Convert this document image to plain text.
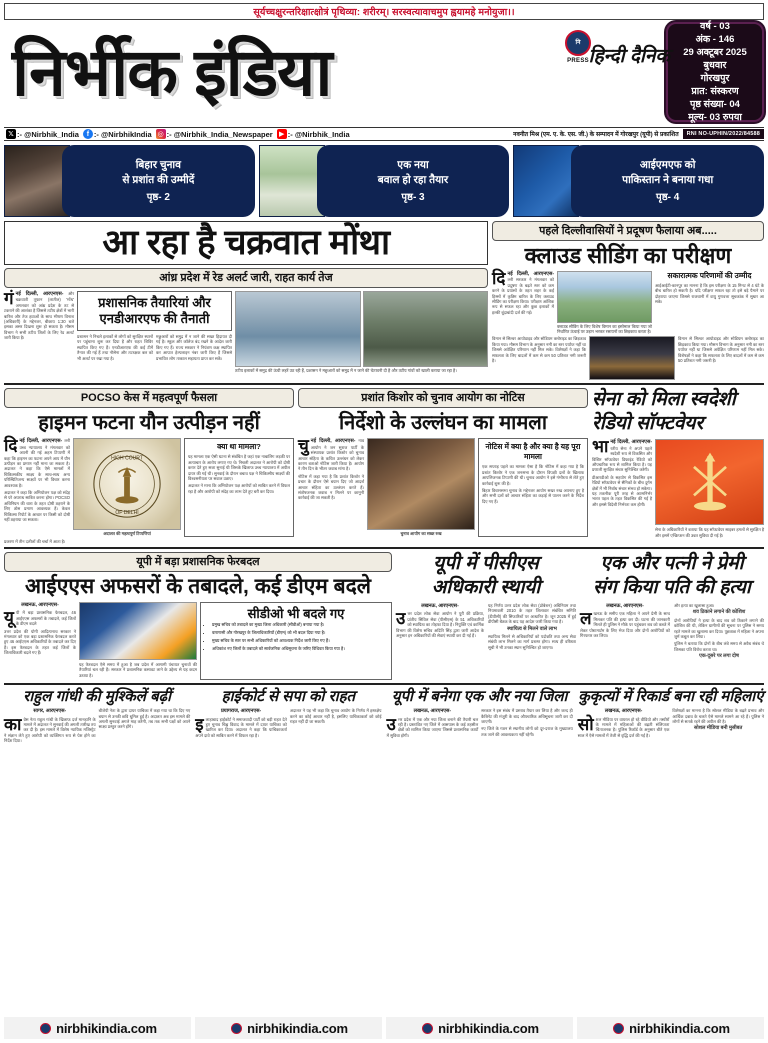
सूर्यच्चक्षुरन्तरिक्षात्क्षोत्रं पृथिव्या: शरीरम्। सरस्वत्यावाचमुप ह्वयामहे मनोयुजा।।
निर्भीक इंडिया	नि
PRESS हिन्दी दैनिक
वर्ष - 03
अंक - 146
29 अक्टूबर 2025
बुधवार
गोरखपुर
प्रात: संस्करण
पृष्ठ संख्या- 04
मूल्य- 03 रुपया
𝕏 :- @Nirbhik_India	f :- @NirbhikIndia ◎ :- @Nirbhik_India_Newspaper ▶ :- @Nirbhik_India	नवनीत मिश्र (एम. ए. के. एस. जी.) के सम्पादन में गोरखपुर (यूपी) से प्रकाशित	RNI NO-UPHIN/2022/84588
बिहार चुनाव
से प्रशांत की उम्मीदें
पृष्ठ- 2
एक नया
बवाल हो रहा तैयार
पृष्ठ- 3
आईएमएफ को
पाकिस्तान ने बनाया गधा
पृष्ठ- 4
आ रहा है चक्रवात मोंथा
आंध्र प्रदेश में रेड अलर्ट जारी, राहत कार्य तेज

गंनई दिल्ली, आरएनएस- और चक्रवाती तूफान (लातील) 'मोंथ' अगलवार को आंध्र प्रदेश के तट से टकराने की आशंका है जिससे तटीय क्षेत्रों में भारी बारिश और तेज हवाओं के साथ भीषण विनाश (अधिकारी) के मद्देनजर, बीकाय 1:30 बजे इसका असर दिखना शुरू हो सकता है। मौसम विभाग ने सभी तटीय जिलों के लिए रेड अलर्ट जारी किया है।

प्रशासनिक तैयारियां और एनडीआरएफ की तैनाती

प्रशासन ने निचले इलाकों से लोगों को सुरक्षित स्थानों पर पहुंचाना शुरू कर दिया है और राहत शिविर स्थापित किए गए हैं। एनडीआरएफ की कई टीमें तैनात की गई हैं तथा नौसेना और तटरक्षक बल को भी अलर्ट पर रखा गया है।

मछुआरों को समुद्र में न जाने की सख्त हिदायत दी गई है। स्कूल और कॉलेज बंद रखने के आदेश जारी किए गए हैं। राज्य सरकार ने नियंत्रण कक्ष स्थापित कर आपात हेल्पलाइन नंबर जारी किए हैं जिससे प्रभावित लोग तत्काल सहायता प्राप्त कर सकें।

तटीय इलाकों में समुद्र की ऊंची लहरें उठ रही हैं, प्रशासन ने मछुआरों को समुद्र में न जाने की चेतावनी दी है और तटीय गांवों को खाली कराया जा रहा है।
पहले दिल्लीवासियों ने प्रदूषण फैलाया अब.....
क्लाउड सीडिंग का परीक्षण

दिनई दिल्ली, आरएनएस- ल्ली सरकार ने मंगलवार को प्रदूषण के बढ़ते स्तर को कम करने के प्रयासों के तहत शहर के कई हिस्सों में कृत्रिम बारिश के लिए क्लाउड सीडिंग का परीक्षण किया। परीक्षण आंशिक रूप से सफल रहा और कुछ इलाकों में हल्की बूंदाबांदी दर्ज की गई।

क्लाउड सीडिंग के लिए विशेष विमान का इस्तेमाल किया गया जो निर्धारित ऊंचाई पर उड़ान भरकर रसायनों का छिड़काव करता है।
सकारात्मक परिणामों की उम्मीद

आईआईटी-कानपुर का मानना है कि इस परीक्षण के 15 मिनट से 4 घंटे के बीच बारिश हो सकती है। यदि परीक्षण सफल रहा तो इसे बड़े पैमाने पर दोहराया जाएगा जिससे राजधानी में वायु गुणवत्ता सूचकांक में सुधार आ सके।

विमान से सिल्वर आयोडाइड और सोडियम क्लोराइड का छिड़काव किया गया। मौसम विभाग के अनुसार नमी का स्तर पर्याप्त नहीं था जिससे अपेक्षित परिणाम नहीं मिल सके। विशेषज्ञों ने कहा कि सफलता के लिए बादलों में कम से कम 50 प्रतिशत नमी जरूरी है।

विमान से सिल्वर आयोडाइड और सोडियम क्लोराइड का छिड़काव किया गया। मौसम विभाग के अनुसार नमी का स्तर पर्याप्त नहीं था जिससे अपेक्षित परिणाम नहीं मिल सके। विशेषज्ञों ने कहा कि सफलता के लिए बादलों में कम से कम 50 प्रतिशत नमी जरूरी है।

POCSO केस में महत्वपूर्ण फैसला
हाइमन फटना यौन उत्पीड़न नहीं

दिनई दिल्ली, आरएनएस- ल्ली उच्च न्यायालय ने मंगलवार को अपनी की गई अहम टिप्पणी में कहा कि हाइमन का फटना अपने आप में यौन उत्पीड़न का प्रमाण नहीं माना जा सकता है। अदालत ने कहा कि ऐसे मामलों में चिकित्सकीय साक्ष्य के साथ-साथ अन्य परिस्थितिजन्य साक्ष्यों पर भी विचार करना आवश्यक है।

अदालत ने कहा कि अभियोजन पक्ष को संदेह से परे अपराध साबित करना होगा। POCSO अधिनियम की धारा के तहत दोषी ठहराने के लिए ठोस प्रमाण आवश्यक हैं। केवल चिकित्सा रिपोर्ट के आधार पर किसी को दोषी नहीं ठहराया जा सकता।

HIGH COURT
OF DELHI
अदालत की महत्वपूर्ण टिप्पणियां
क्या था मामला?

यह मामला एक ऐसी घटना से संबंधित है जहां एक नाबालिग लड़की पर अत्याचार के आरोप लगाए गए थे। निचली अदालत ने आरोपी को दोषी करार देते हुए सजा सुनाई थी जिसके खिलाफ उच्च न्यायालय में अपील दायर की गई थी। सुनवाई के दौरान बचाव पक्ष ने चिकित्सीय साक्ष्यों की विश्वसनीयता पर सवाल उठाए।

अदालत ने माना कि अभियोजन पक्ष आरोपों को साबित करने में विफल रहा है और आरोपी को संदेह का लाभ देते हुए बरी कर दिया।

प्रकरण में तीन दलीलों की चर्चा में आता है।
प्रशांत किशोर को चुनाव आयोग का नोटिस
निर्देशो के उल्लंघन का मामला

चुनई दिल्ली, आरएनएस- नाव आयोग ने जन सुराज पार्टी के संस्थापक प्रशांत किशोर को चुनाव आचार संहिता के कथित उल्लंघन को लेकर कारण बताओ नोटिस जारी किया है। आयोग ने तीन दिन के भीतर जवाब मांगा है।

नोटिस में कहा गया है कि प्रशांत किशोर ने प्रचार के दौरान ऐसे बयान दिए जो आदर्श आचार संहिता का उल्लंघन करते हैं। संतोषजनक जवाब न मिलने पर कानूनी कार्रवाई की जा सकती है।

चुनाव आयोग का सख्त रुख
नोटिस में क्या है और क्या है यह पूरा मामला

एक सप्ताह पहले का मामला ऐसा है कि नोटिस में कहा गया है कि प्रशांत किशोर ने एक जनसभा के दौरान विपक्षी दलों के खिलाफ आपत्तिजनक टिप्पणी की थी। चुनाव आयोग ने इसे गंभीरता से लेते हुए कार्रवाई शुरू की है।

बिहार विधानसभा चुनाव के मद्देनजर आयोग सख्त रुख अपनाए हुए है और सभी दलों को आचार संहिता का कड़ाई से पालन करने के निर्देश दिए गए हैं।

सेना को मिला स्वदेशी
रेडियो सॉफ्टवेयर

भानई दिल्ली, आरएनएस- रतीय सेना ने अपने पहले स्वदेशी रूप से विकसित और विशिष्ट सॉफ्टवेयर डिफाइंड रेडियो को औपचारिक रूप से शामिल किया है। यह प्रणाली सुरक्षित संचार सुनिश्चित करेगी।

डीआरडीओ के सहयोग से विकसित इस रेडियो सॉफ्टवेयर से सैनिकों के बीच दुर्गम क्षेत्रों में भी निर्बाध संचार संभव हो सकेगा। यह तकनीक पूरी तरह से आत्मनिर्भर भारत पहल के तहत विकसित की गई है और इससे विदेशी निर्भरता कम होगी।

सेना के अधिकारियों ने बताया कि यह सॉफ्टवेयर साइबर हमलों से सुरक्षित है और इसमें एन्क्रिप्शन की उन्नत सुविधा दी गई है।

यूपी में बड़ा प्रशासनिक फेरबदल
आईएएस अफसरों के तबादले, कई डीएम बदले

लखनऊ, आरएनएस-

यूपी में बड़ा प्रशासनिक फेरबदल, 46 आईएएस अफसरों के तबादले, कई जिलों के डीएम बदले

उत्तर प्रदेश की योगी आदित्यनाथ सरकार ने मंगलवार को एक बड़ा प्रशासनिक फेरबदल करते हुए 46 आईएएस अधिकारियों के तबादले कर दिए हैं। इस फेरबदल के तहत कई जिलों के जिलाधिकारी बदले गए हैं।

यह फेरबदल ऐसे समय में हुआ है जब प्रदेश में आगामी पंचायत चुनावों की तैयारियां चल रही हैं। सरकार ने प्रशासनिक कसावट लाने के उद्देश्य से यह कदम उठाया है।

सीडीओ भी बदले गए
• प्रमुख सचिव को तबादले का मुख्य जिला अधिकारी (सीडीओ) बनाया गया है।
• वाराणसी और गोरखपुर के जिलाधिकारियों (डीएम) को भी बदल दिया गया है।
• मुख्य सचिव के स्तर पर सभी अधिकारियों को आवश्यक निर्देश जारी किए गए हैं।
• अधिकांश नए जिलों के तबादले को सार्वजनिक अधिसूचना के जरिए विधिवत किया गया है।
यूपी में पीसीएस
अधिकारी स्थायी

लखनऊ, आरएनएस-

उत्तर प्रदेश लोक सेवा आयोग ने पूरी की प्रक्रिया, प्रांतीय सिविल सेवा (पीसीएस) के 51 अधिकारियों को स्थायित्व का तोहफा दिया है। नियुक्ति एवं कार्मिक विभाग की विशेष सचिव अदिति सिंह द्वारा जारी आदेश के अनुसार इन अधिकारियों की सेवाएं स्थायी कर दी गई हैं।

यह निर्णय उत्तर प्रदेश लोक सेवा (प्रोबेशन) अधिनियम तथा नियमावली 2010 के तहत जिलावार संबंधित समिति (डीपीसी) की सिफारिशों पर आधारित है। जून 2025 में हुई डीपीसी बैठक के बाद यह आदेश जारी किया गया है।

स्थायित्व से मिलने वाले लाभ

स्थायित्व मिलने से अधिकारियों को पदोन्नति तथा अन्य सेवा संबंधी लाभ मिलने का मार्ग प्रशस्त होगा। साथ ही वरिष्ठता सूची में भी उनका स्थान सुनिश्चित हो जाएगा।

एक और पत्नी ने प्रेमी
संग किया पति की हत्या

लखनऊ, आरएनएस-

लखनऊ के समीप एक महिला ने अपने प्रेमी के साथ मिलकर पति की हत्या कर दी। घटना की जानकारी मिलते ही पुलिस ने मौके पर पहुंचकर शव को कब्जे में लेकर पोस्टमार्टम के लिए भेज दिया और दोनों आरोपियों को गिरफ्तार कर लिया।

और हत्या का खुलासा हुआ।

शव ठिकाने लगाने की कोशिश

दोनों आरोपियों ने हत्या के बाद शव को ठिकाने लगाने की कोशिश की थी, लेकिन ग्रामीणों की सूचना पर पुलिस ने समय रहते मामले का खुलासा कर दिया। पूछताछ में महिला ने अपना जुर्म कबूल कर लिया।

पुलिस ने बताया कि दोनों के बीच लंबे समय से अवैध संबंध थे जिसका पति विरोध करता था।

एक-दूसरे पर लगा दोष

राहुल गांधी की मुश्किलें बढ़ीं

सागर, आरएनएस-

काग्रेस नेता राहुल गांधी के खिलाफ दर्ज मानहानि के मामले में अदालत ने सुनवाई की अगली तारीख तय कर दी है। इस मामले में विशेष न्यायिक मजिस्ट्रेट ने संज्ञान लेते हुए आरोपी को व्यक्तिगत रूप से पेश होने का निर्देश दिया।

बीजेपी नेता के द्वारा दायर याचिका में कहा गया था कि दिए गए बयान से उनकी छवि धूमिल हुई है। अदालत अब इस मामले की अगली सुनवाई अगले माह करेगी, तब तक सभी पक्षों को अपने साक्ष्य प्रस्तुत करने होंगे।

हाईकोर्ट से सपा को राहत

प्रयागराज, आरएनएस-

इलाहाबाद हाईकोर्ट ने समाजवादी पार्टी को बड़ी राहत देते हुए चुनाव चिह्न विवाद के मामले में दायर याचिका को खारिज कर दिया। अदालत ने कहा कि याचिकाकर्ता अपने दावे को साबित करने में विफल रहा है।

अदालत ने यह भी कहा कि चुनाव आयोग के निर्णय में हस्तक्षेप करने का कोई आधार नहीं है, इसलिए याचिकाकर्ता को कोई राहत नहीं दी जा सकती।

यूपी में बनेगा एक और नया जिला

लखनऊ, आरएनएस-

उत्तर प्रदेश में एक और नया जिला बनाने की तैयारी चल रही है। प्रस्तावित नए जिले में आसपास के कई तहसील क्षेत्रों को शामिल किया जाएगा जिससे प्रशासनिक कार्यों में सुविधा होगी।

सरकार ने इस संबंध में प्रस्ताव तैयार कर लिया है और जल्द ही कैबिनेट की मंजूरी के बाद औपचारिक अधिसूचना जारी कर दी जाएगी।

नए जिले के गठन से स्थानीय लोगों को दूर-दराज के मुख्यालय तक जाने की आवश्यकता नहीं रहेगी।

कुकृत्यों में रिकार्ड बना रही महिलाएं

लखनऊ, आरएनएस-

सोशल मीडिया पर वायरल हो रहे वीडियो और तस्वीरों के मामले में महिलाओं की बढ़ती संलिप्तता चिंताजनक है। पुलिस रिकॉर्ड के अनुसार बीते एक साल में ऐसे मामलों में तेजी से वृद्धि दर्ज की गई है।

विशेषज्ञों का मानना है कि सोशल मीडिया के बढ़ते प्रभाव और आर्थिक दबाव के चलते ऐसे मामले सामने आ रहे हैं। पुलिस ने लोगों से सतर्क रहने की अपील की है।

सोशल मीडिया बनी मुसीबत

nirbhikindia.com	nirbhikindia.com	nirbhikindia.com	nirbhikindia.com
